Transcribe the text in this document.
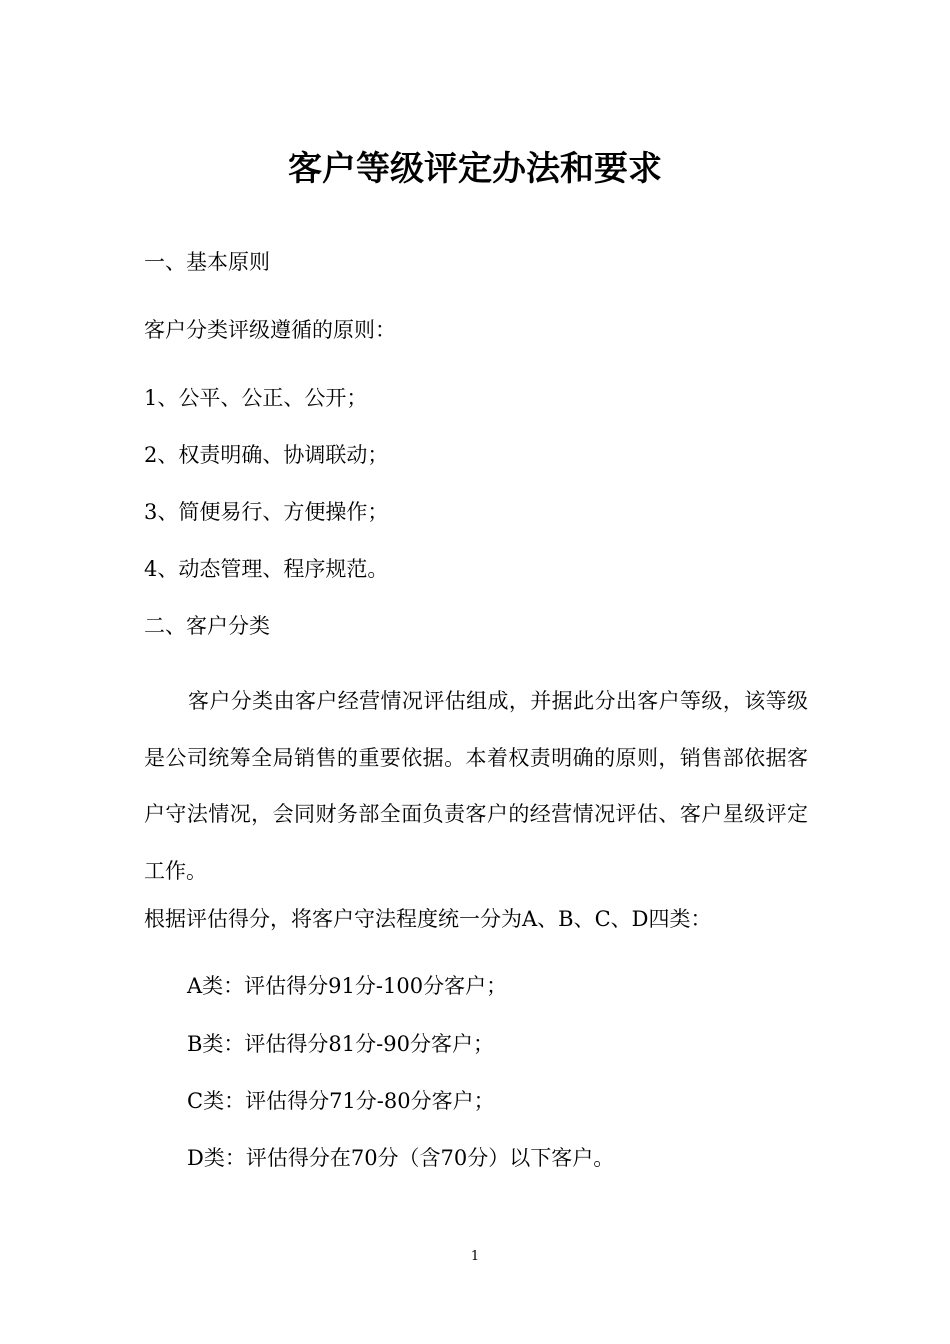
客户等级评定办法和要求
一、基本原则
客户分类评级遵循的原则：
1、公平、公正、公开；
2、权责明确、协调联动；
3、简便易行、方便操作；
4、动态管理、程序规范。
二、客户分类
客户分类由客户经营情况评估组成，并据此分出客户等级，该等级是公司统筹全局销售的重要依据。本着权责明确的原则，销售部依据客户守法情况，会同财务部全面负责客户的经营情况评估、客户星级评定工作。
根据评估得分，将客户守法程度统一分为A、B、C、D四类：
A类：评估得分91分-100分客户；
B类：评估得分81分-90分客户；
C类：评估得分71分-80分客户；
D类：评估得分在70分（含70分）以下客户。
1
